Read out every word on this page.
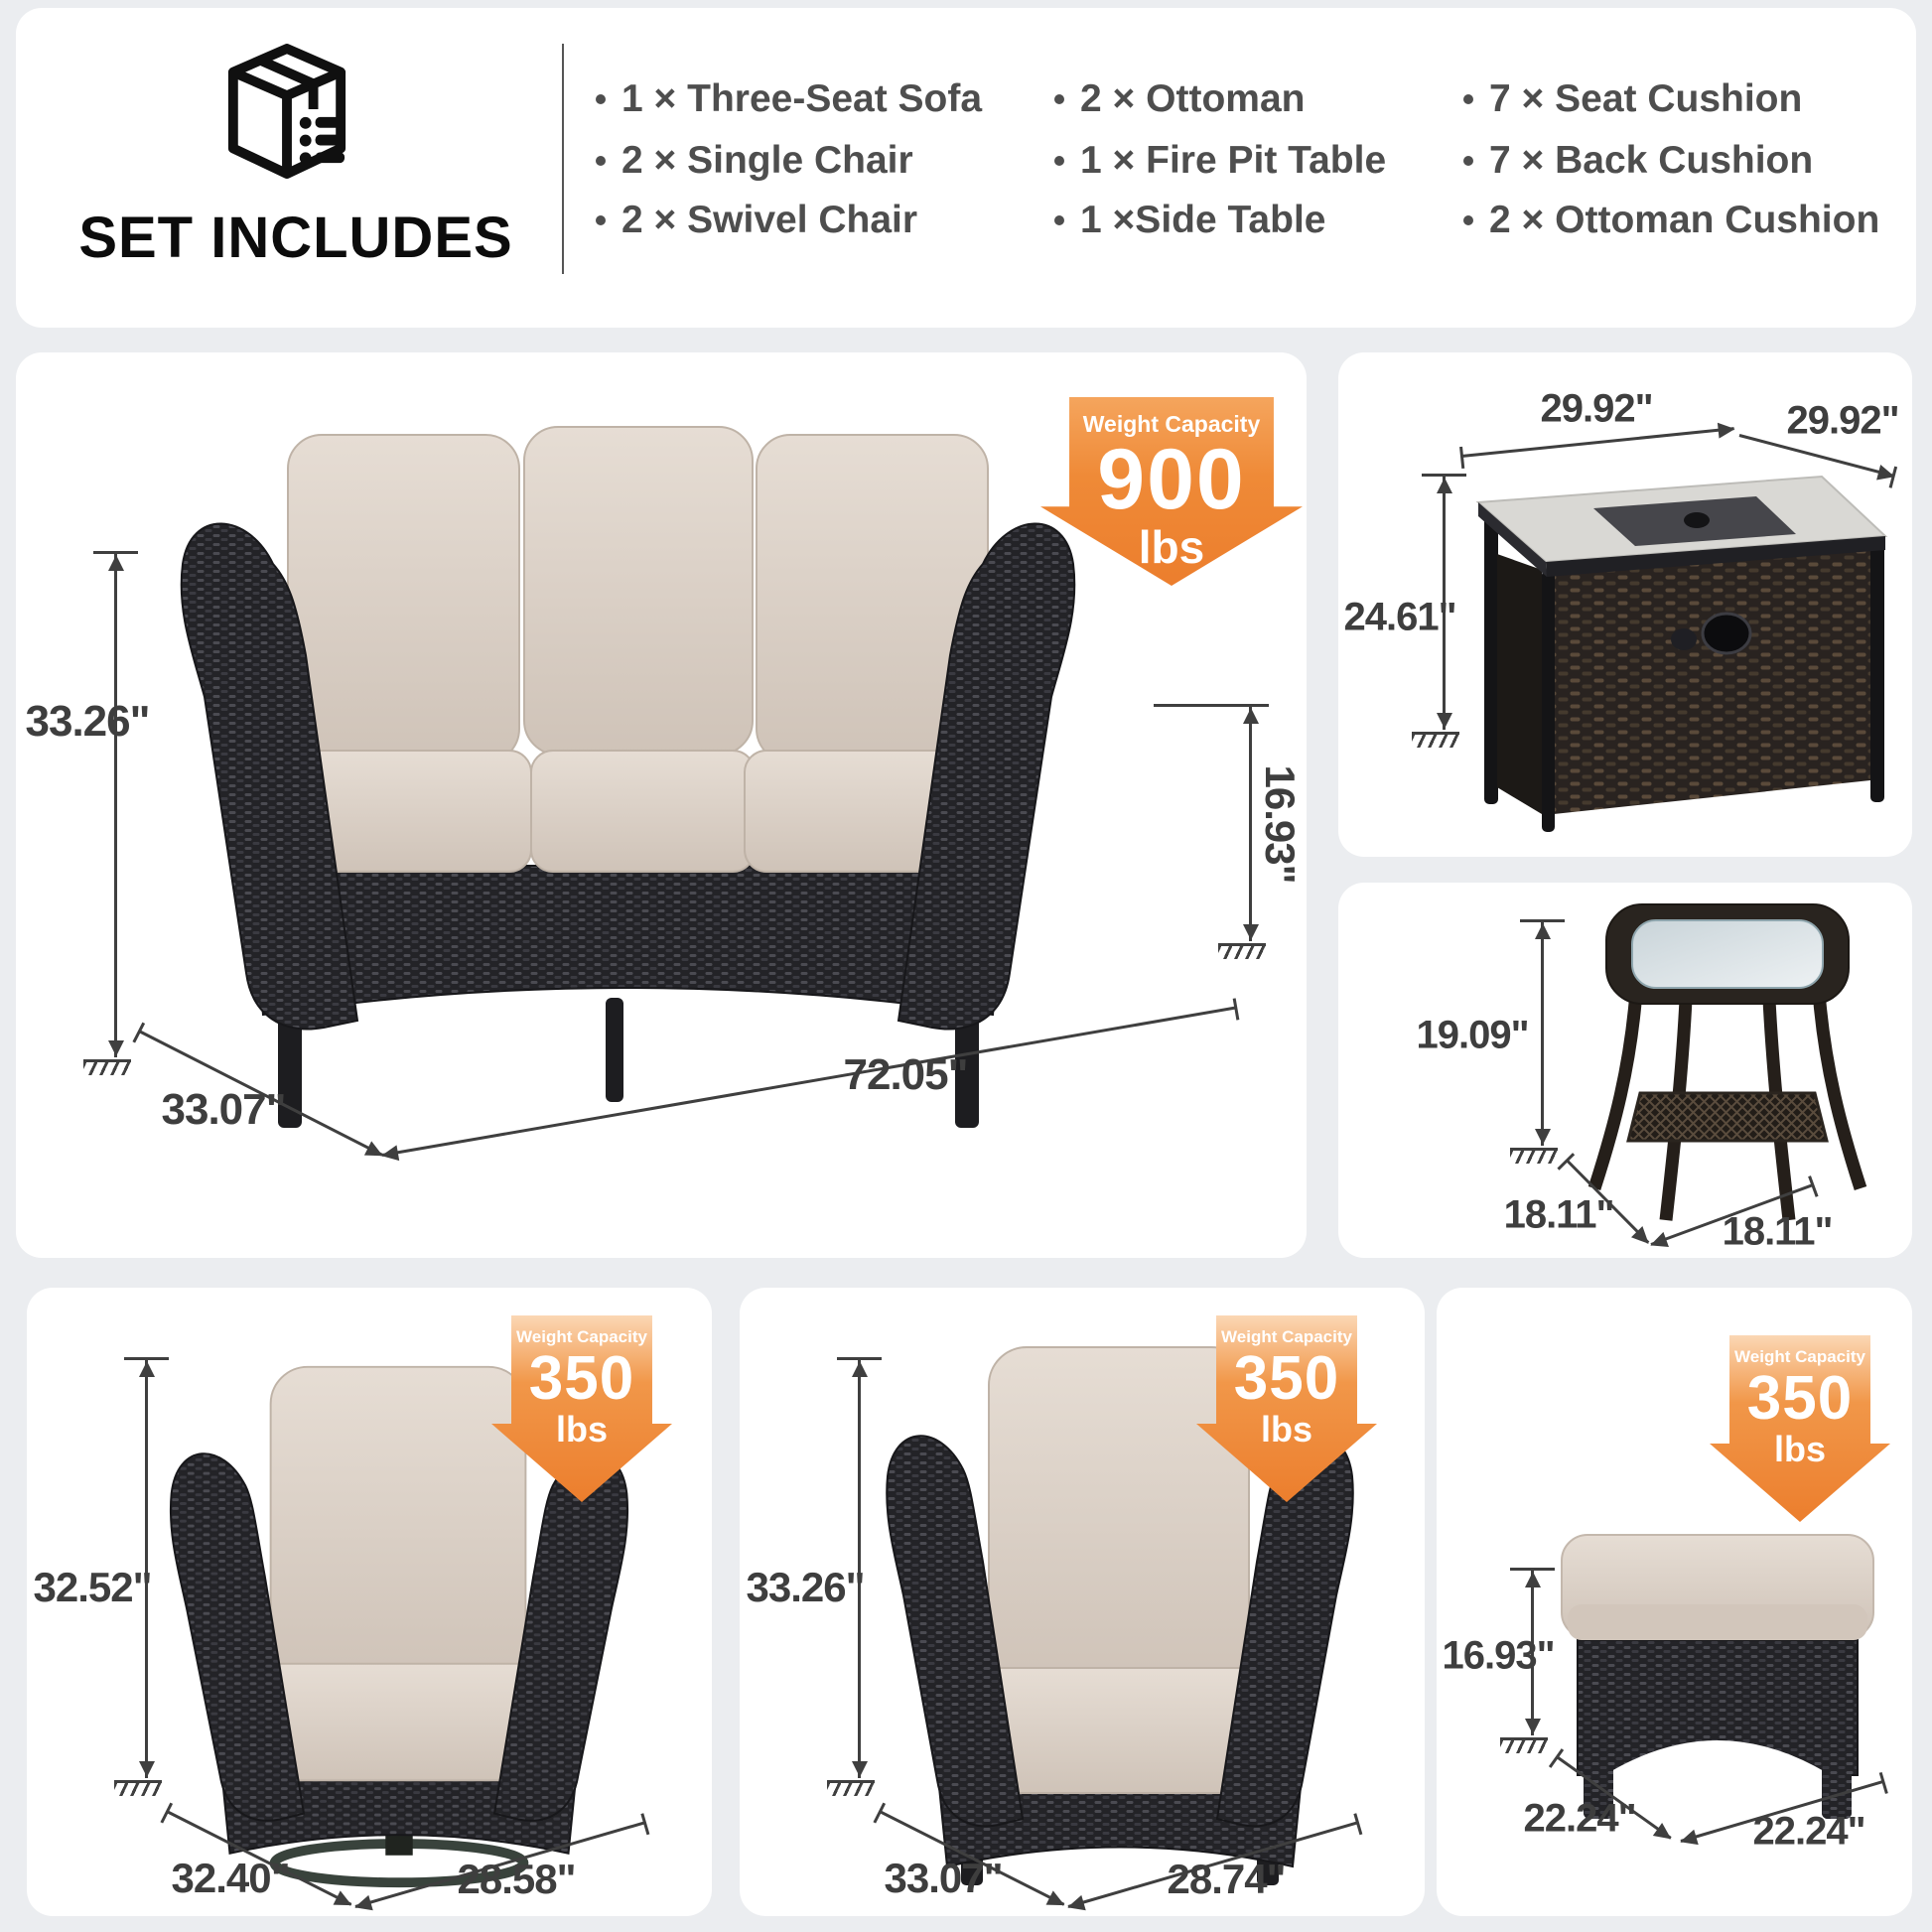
SET INCLUDES
1 × Three-Seat Sofa
2 × Single Chair
2 × Swivel Chair
2 × Ottoman
1 × Fire Pit Table
1 ×Side Table
7 × Seat Cushion
7 × Back Cushion
2 × Ottoman Cushion
Weight Capacity
900
lbs
33.26"
16.93"
33.07"
72.05"
29.92"	29.92"
24.61"
19.09"
18.11"	18.11"
Weight Capacity
350
lbs
32.52"
32.40"	28.58"
Weight Capacity
350
lbs
33.26"
33.07"	28.74"
Weight Capacity
350
lbs
16.93"
22.24"	22.24"
